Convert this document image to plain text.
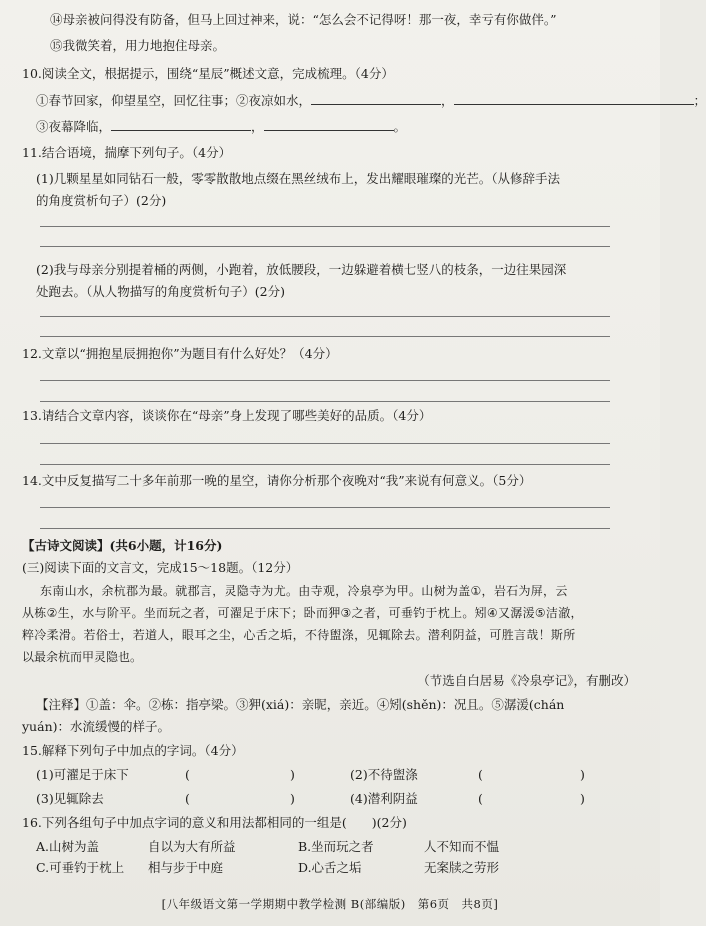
⑭母亲被问得没有防备，但马上回过神来，说：“怎么会不记得呀！那一夜，幸亏有你做伴。”
⑮我微笑着，用力地抱住母亲。
10.阅读全文，根据提示，围绕“星辰”概述文意，完成梳理。（4分）
①春节回家，仰望星空，回忆往事；②夜凉如水，	，	；
③夜幕降临，	，	。
11.结合语境，揣摩下列句子。（4分）
(1)几颗星星如同钻石一般，零零散散地点缀在黑丝绒布上，发出耀眼璀璨的光芒。（从修辞手法
的角度赏析句子）(2分)
(2)我与母亲分别提着桶的两侧，小跑着，放低腰段，一边躲避着横七竖八的枝条，一边往果园深
处跑去。（从人物描写的角度赏析句子）(2分)
12.文章以“拥抱星辰拥抱你”为题目有什么好处？（4分）
13.请结合文章内容，谈谈你在“母亲”身上发现了哪些美好的品质。（4分）
14.文中反复描写二十多年前那一晚的星空，请你分析那个夜晚对“我”来说有何意义。（5分）
【古诗文阅读】(共6小题，计16分)
(三)阅读下面的文言文，完成15～18题。（12分）
东南山水，余杭郡为最。就郡言，灵隐寺为尤。由寺观，冷泉亭为甲。山树为盖①，岩石为屏，云
从栋②生，水与阶平。坐而玩之者，可濯足于床下；卧而狎③之者，可垂钓于枕上。矧④又潺湲⑤洁澈，
粹冷柔滑。若俗士，若道人，眼耳之尘，心舌之垢，不待盥涤，见辄除去。潜利阴益，可胜言哉！斯所
以最余杭而甲灵隐也。
（节选自白居易《冷泉亭记》，有删改）
【注释】①盖：伞。②栋：指亭梁。③狎(xiá)：亲昵，亲近。④矧(shěn)：况且。⑤潺湲(chán
yuán)：水流缓慢的样子。
15.解释下列句子中加点的字词。（4分）
(1)可濯足于床下	(	)	(2)不待盥涤	(	)
(3)见辄除去	(	)	(4)潜利阴益	(	)
16.下列各组句子中加点字词的意义和用法都相同的一组是(　　)(2分)
A.山树为盖	自以为大有所益	B.坐而玩之者	人不知而不愠
C.可垂钓于枕上 相与步于中庭	D.心舌之垢	无案牍之劳形
[八年级语文第一学期期中教学检测 B(部编版)　第6页　共8页]
